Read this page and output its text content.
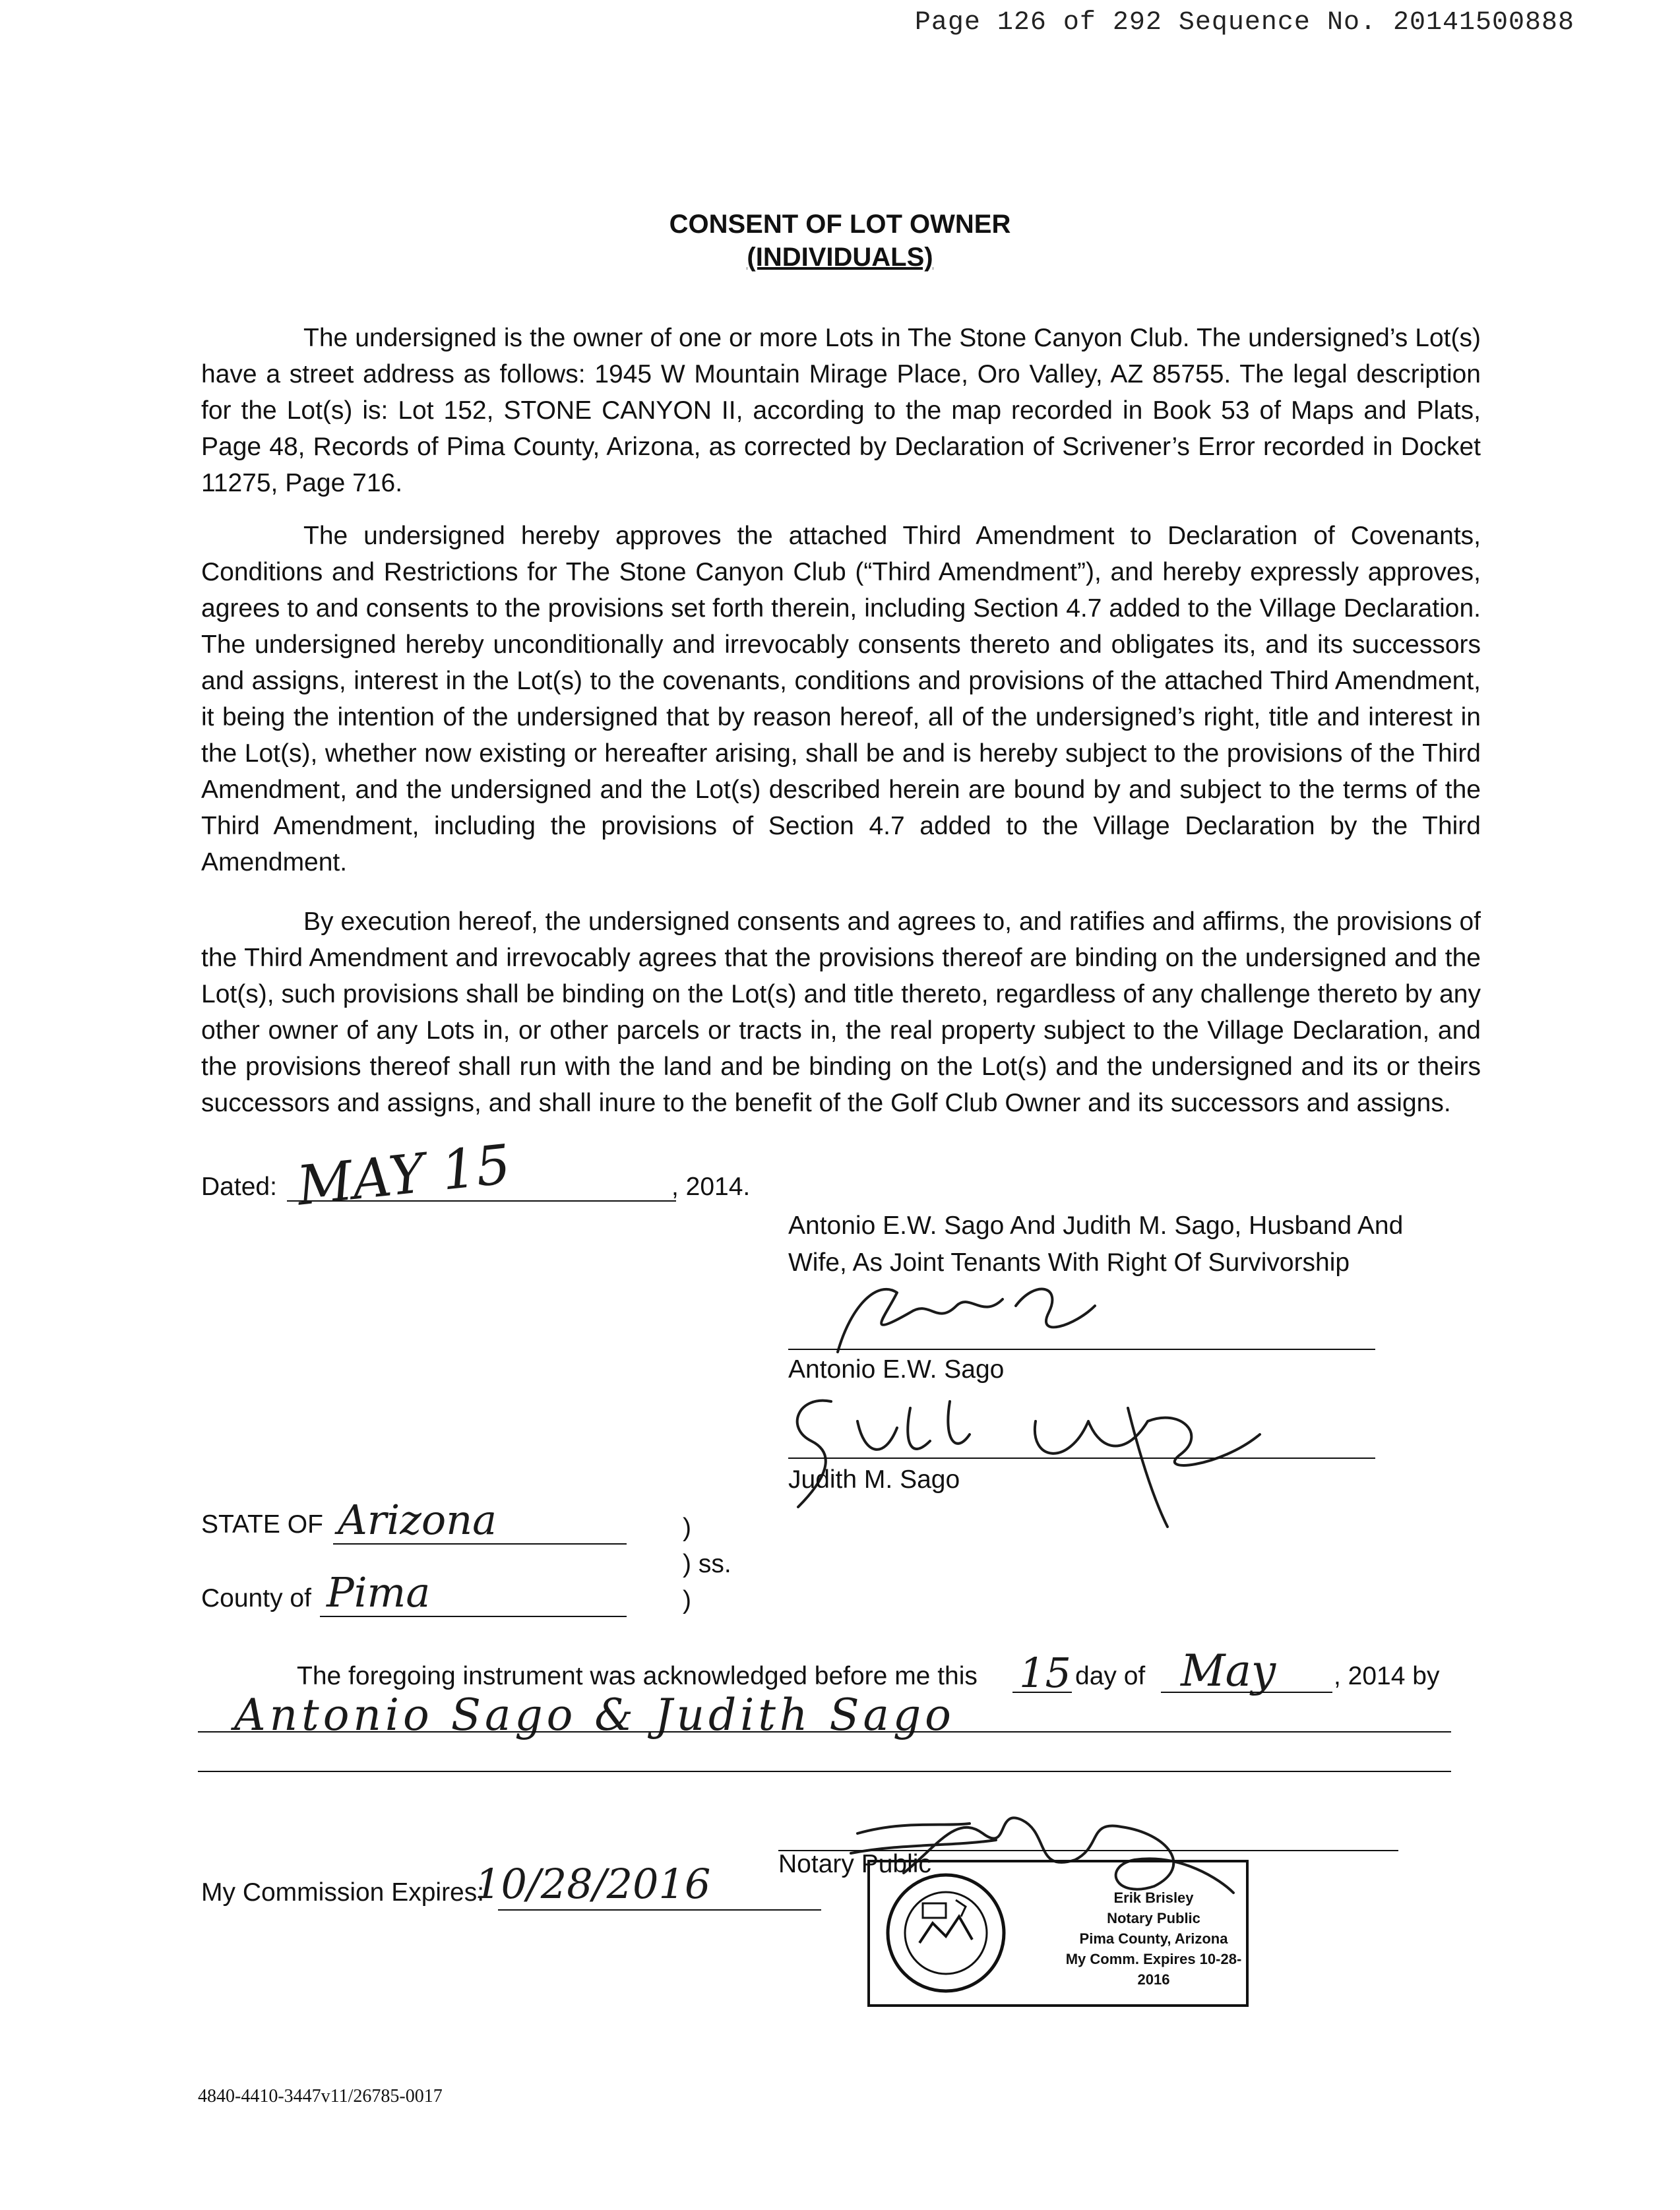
Page 126 of 292 Sequence No. 20141500888
CONSENT OF LOT OWNER
(INDIVIDUALS)
The undersigned is the owner of one or more Lots in The Stone Canyon Club. The undersigned’s Lot(s) have a street address as follows: 1945 W Mountain Mirage Place, Oro Valley, AZ 85755. The legal description for the Lot(s) is: Lot 152, STONE CANYON II, according to the map recorded in Book 53 of Maps and Plats, Page 48, Records of Pima County, Arizona, as corrected by Declaration of Scrivener’s Error recorded in Docket 11275, Page 716.
The undersigned hereby approves the attached Third Amendment to Declaration of Covenants, Conditions and Restrictions for The Stone Canyon Club (“Third Amendment”), and hereby expressly approves, agrees to and consents to the provisions set forth therein, including Section 4.7 added to the Village Declaration. The undersigned hereby unconditionally and irrevocably consents thereto and obligates its, and its successors and assigns, interest in the Lot(s) to the covenants, conditions and provisions of the attached Third Amendment, it being the intention of the undersigned that by reason hereof, all of the undersigned’s right, title and interest in the Lot(s), whether now existing or hereafter arising, shall be and is hereby subject to the provisions of the Third Amendment, and the undersigned and the Lot(s) described herein are bound by and subject to the terms of the Third Amendment, including the provisions of Section 4.7 added to the Village Declaration by the Third Amendment.
By execution hereof, the undersigned consents and agrees to, and ratifies and affirms, the provisions of the Third Amendment and irrevocably agrees that the provisions thereof are binding on the undersigned and the Lot(s), such provisions shall be binding on the Lot(s) and title thereto, regardless of any challenge thereto by any other owner of any Lots in, or other parcels or tracts in, the real property subject to the Village Declaration, and the provisions thereof shall run with the land and be binding on the Lot(s) and the undersigned and its or theirs successors and assigns, and shall inure to the benefit of the Golf Club Owner and its successors and assigns.
Dated: MAY 15	, 2014.
Antonio E.W. Sago And Judith M. Sago, Husband And
Wife, As Joint Tenants With Right Of Survivorship
Antonio E.W. Sago
Judith M. Sago
STATE OF Arizona	)
) ss.
)
County of Pima
The foregoing instrument was acknowledged before me this 15 day of May , 2014 by
Antonio Sago & Judith Sago
Notary Public
My Commission Expires:
10/28/2016	Erik Brisley
Notary Public
Pima County, Arizona
My Comm. Expires 10-28-2016
4840-4410-3447v11/26785-0017
